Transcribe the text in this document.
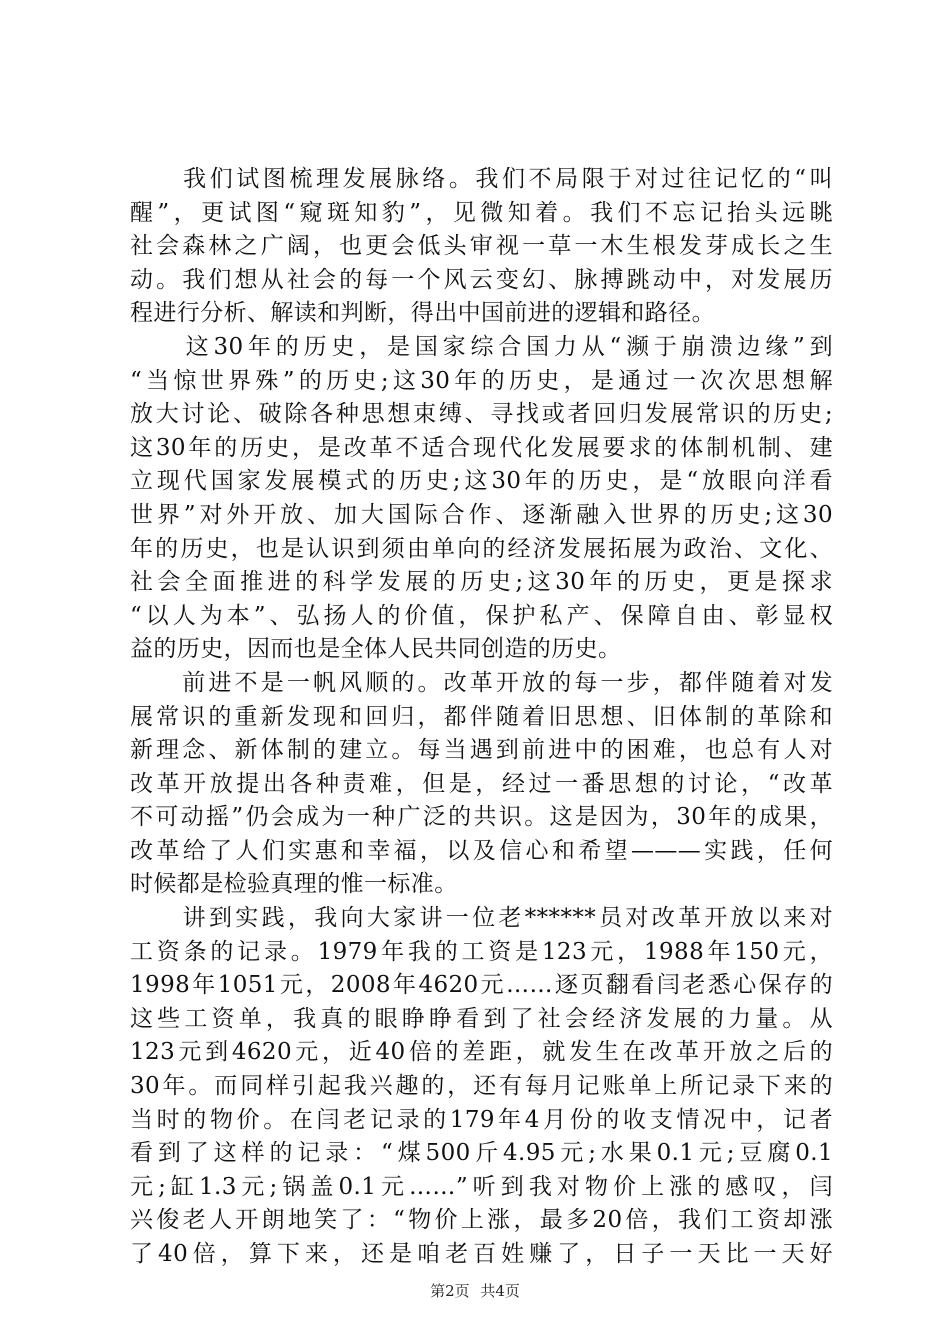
　　我们试图梳理发展脉络。我们不局限于对过往记忆的“叫
醒”，更试图“窥斑知豹”，见微知着。我们不忘记抬头远眺
社会森林之广阔，也更会低头审视一草一木生根发芽成长之生
动。我们想从社会的每一个风云变幻、脉搏跳动中，对发展历
程进行分析、解读和判断，得出中国前进的逻辑和路径。
　　这30年的历史，是国家综合国力从“濒于崩溃边缘”到
“当惊世界殊”的历史;这30年的历史，是通过一次次思想解
放大讨论、破除各种思想束缚、寻找或者回归发展常识的历史;
这30年的历史，是改革不适合现代化发展要求的体制机制、建
立现代国家发展模式的历史;这30年的历史，是“放眼向洋看
世界”对外开放、加大国际合作、逐渐融入世界的历史;这30
年的历史，也是认识到须由单向的经济发展拓展为政治、文化、
社会全面推进的科学发展的历史;这30年的历史，更是探求
“以人为本”、弘扬人的价值，保护私产、保障自由、彰显权
益的历史，因而也是全体人民共同创造的历史。
　　前进不是一帆风顺的。改革开放的每一步，都伴随着对发
展常识的重新发现和回归，都伴随着旧思想、旧体制的革除和
新理念、新体制的建立。每当遇到前进中的困难，也总有人对
改革开放提出各种责难，但是，经过一番思想的讨论，“改革
不可动摇”仍会成为一种广泛的共识。这是因为，30年的成果，
改革给了人们实惠和幸福，以及信心和希望———实践，任何
时候都是检验真理的惟一标准。
　　讲到实践，我向大家讲一位老******员对改革开放以来对
工资条的记录。1979年我的工资是123元，1988年150元，
1998年1051元，2008年4620元……逐页翻看闫老悉心保存的
这些工资单，我真的眼睁睁看到了社会经济发展的力量。从
123元到4620元，近40倍的差距，就发生在改革开放之后的
30年。而同样引起我兴趣的，还有每月记账单上所记录下来的
当时的物价。在闫老记录的179年4月份的收支情况中，记者
看到了这样的记录：“煤500斤4.95元;水果0.1元;豆腐0.1
元;缸1.3元;锅盖0.1元……”听到我对物价上涨的感叹，闫
兴俊老人开朗地笑了：“物价上涨，最多20倍，我们工资却涨
了40倍，算下来，还是咱老百姓赚了，日子一天比一天好
第2页 共4页
